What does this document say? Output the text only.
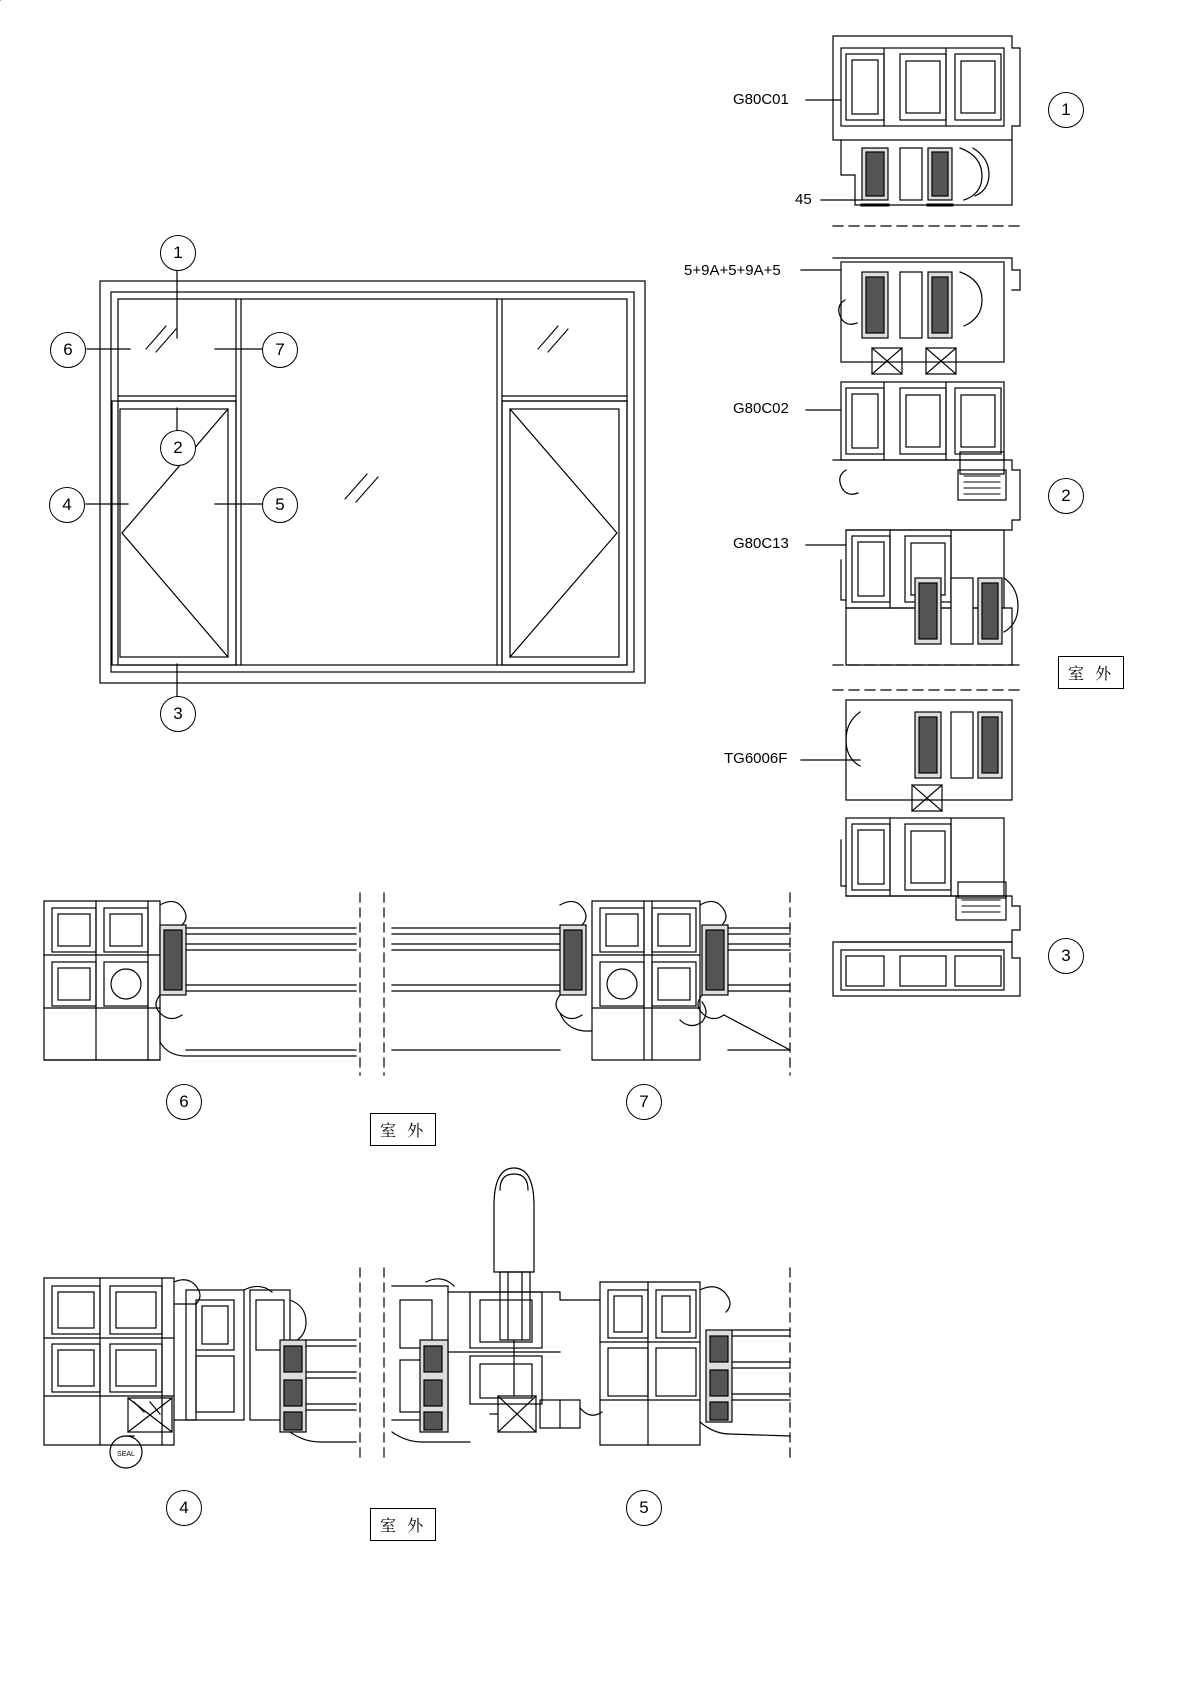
SEAL
G80C01
45
5+9A+5+9A+5
G80C02
G80C13
TG6006F
室 外
室 外
室 外
1
6	7
2
4	5
3
1
2
3
6	7
4	5
